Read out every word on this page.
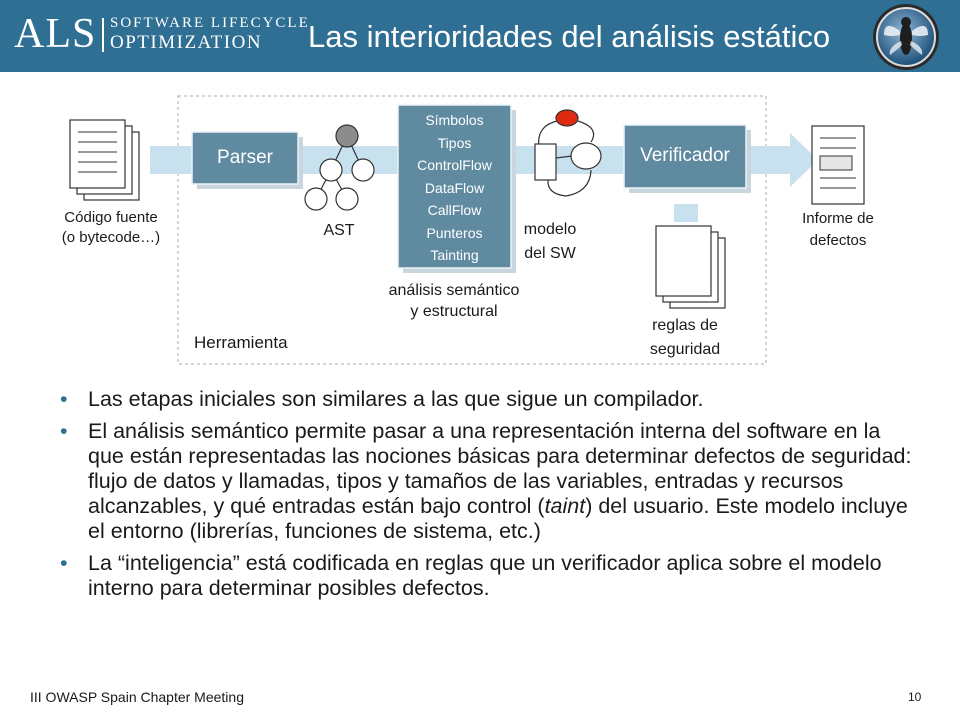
ALS SOFTWARE LIFECYCLE
OPTIMIZATION Las interioridades del análisis estático
Código fuente
(o bytecode…)
Parser
AST
Símbolos
Tipos
ControlFlow
DataFlow
CallFlow
Punteros
Tainting
análisis semántico
y estructural
modelo
del SW
Verificador
reglas de
seguridad
Informe de
defectos
Herramienta
• Las etapas iniciales son similares a las que sigue un compilador.
• El análisis semántico permite pasar a una representación interna del software en la que están representadas las nociones básicas para determinar defectos de seguridad: flujo de datos y llamadas, tipos y tamaños de las variables, entradas y recursos alcanzables, y qué entradas están bajo control (taint) del usuario. Este modelo incluye el entorno (librerías, funciones de sistema, etc.)
• La “inteligencia” está codificada en reglas que un verificador aplica sobre el modelo interno para determinar posibles defectos.
III OWASP Spain Chapter Meeting	10
